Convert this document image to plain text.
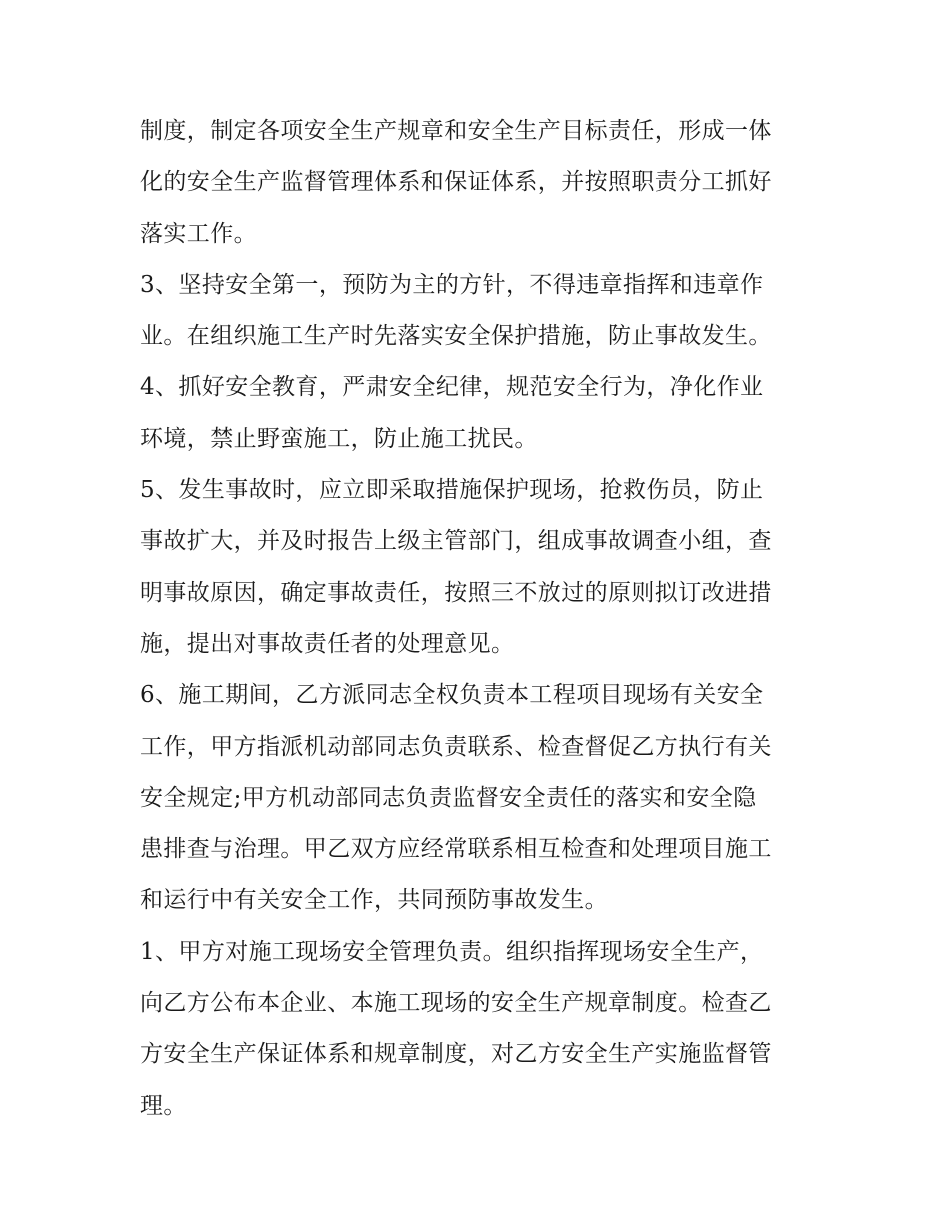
制度，制定各项安全生产规章和安全生产目标责任，形成一体
化的安全生产监督管理体系和保证体系，并按照职责分工抓好
落实工作。
3、坚持安全第一，预防为主的方针，不得违章指挥和违章作
业。在组织施工生产时先落实安全保护措施，防止事故发生。
4、抓好安全教育，严肃安全纪律，规范安全行为，净化作业
环境，禁止野蛮施工，防止施工扰民。
5、发生事故时，应立即采取措施保护现场，抢救伤员，防止
事故扩大，并及时报告上级主管部门，组成事故调查小组，查
明事故原因，确定事故责任，按照三不放过的原则拟订改进措
施，提出对事故责任者的处理意见。
6、施工期间，乙方派同志全权负责本工程项目现场有关安全
工作，甲方指派机动部同志负责联系、检查督促乙方执行有关
安全规定;甲方机动部同志负责监督安全责任的落实和安全隐
患排查与治理。甲乙双方应经常联系相互检查和处理项目施工
和运行中有关安全工作，共同预防事故发生。
1、甲方对施工现场安全管理负责。组织指挥现场安全生产，
向乙方公布本企业、本施工现场的安全生产规章制度。检查乙
方安全生产保证体系和规章制度，对乙方安全生产实施监督管
理。
